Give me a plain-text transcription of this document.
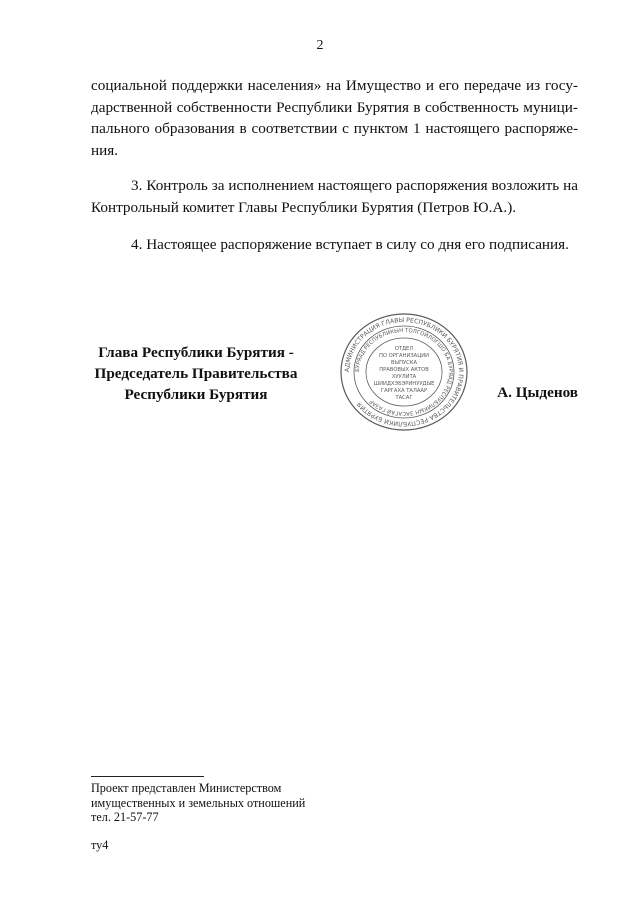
2
социальной поддержки населения» на Имущество и его передаче из госу-
дарственной собственности Республики Бурятия в собственность муници-
пального образования в соответствии с пунктом 1 настоящего распоряже-
ния.
3. Контроль за исполнением настоящего распоряжения возложить на
Контрольный комитет Главы Республики Бурятия (Петров Ю.А.).
4. Настоящее распоряжение вступает в силу со дня его подписания.
Глава Республики Бурятия -
Председатель Правительства
Республики Бурятия
АДМИНИСТРАЦИЯ ГЛАВЫ РЕСПУБЛИКИ БУРЯТИЯ И ПРАВИТЕЛЬСТВА РЕСПУБЛИКИ БУРЯТИЯ
БУРЯАД РЕСПУБЛИКЫН ТОЛГОЙЛОГШО БА БУРЯАД РЕСПУБЛИКЫН ЗАСАГАЙ ГАЗАР
ОТДЕЛ
ПО ОРГАНИЗАЦИИ
ВЫПУСКА
ПРАВОВЫХ АКТОВ
ХУУЛИТА
ШИИДХЭБЭРИНУУДЫЕ
ГАРГАХА ТАЛААР
ТАСАГ	А. Цыденов
Проект представлен Министерством
имущественных и земельных отношений
тел. 21-57-77
ту4
